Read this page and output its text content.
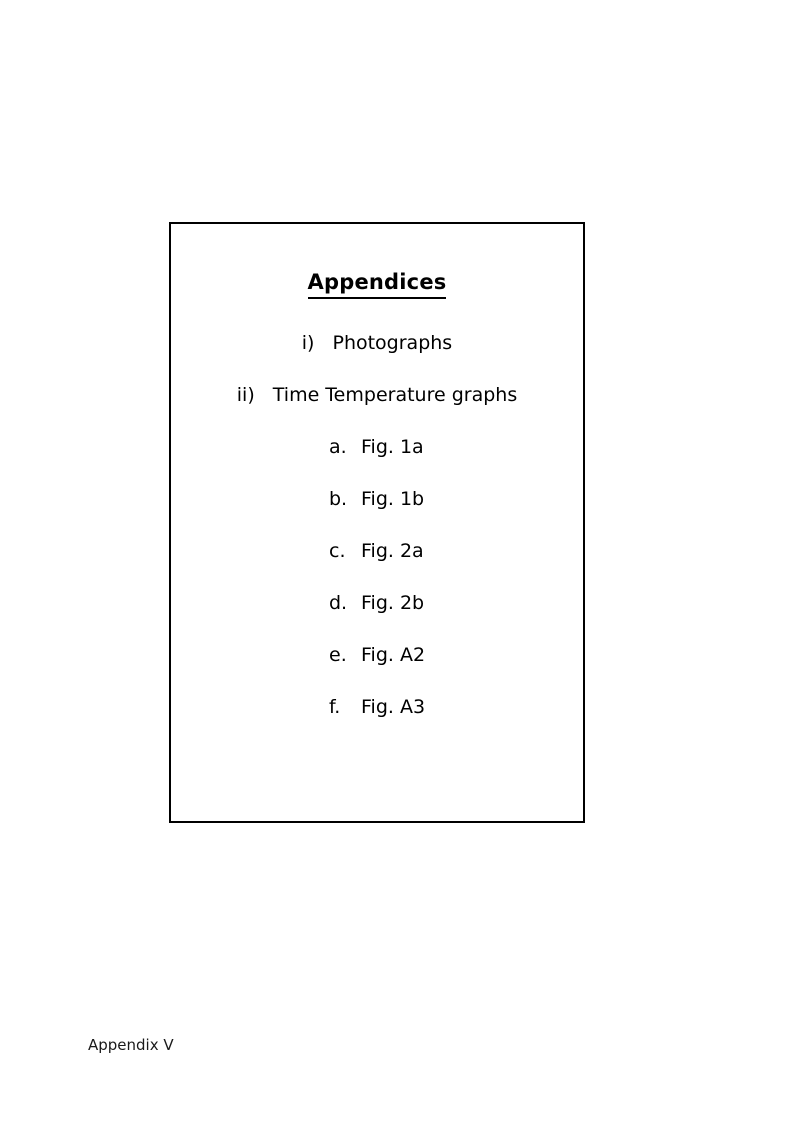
Appendices
i) Photographs
ii) Time Temperature graphs
a. Fig. 1a
b. Fig. 1b
c. Fig. 2a
d. Fig. 2b
e. Fig. A2
f. Fig. A3
Appendix V
